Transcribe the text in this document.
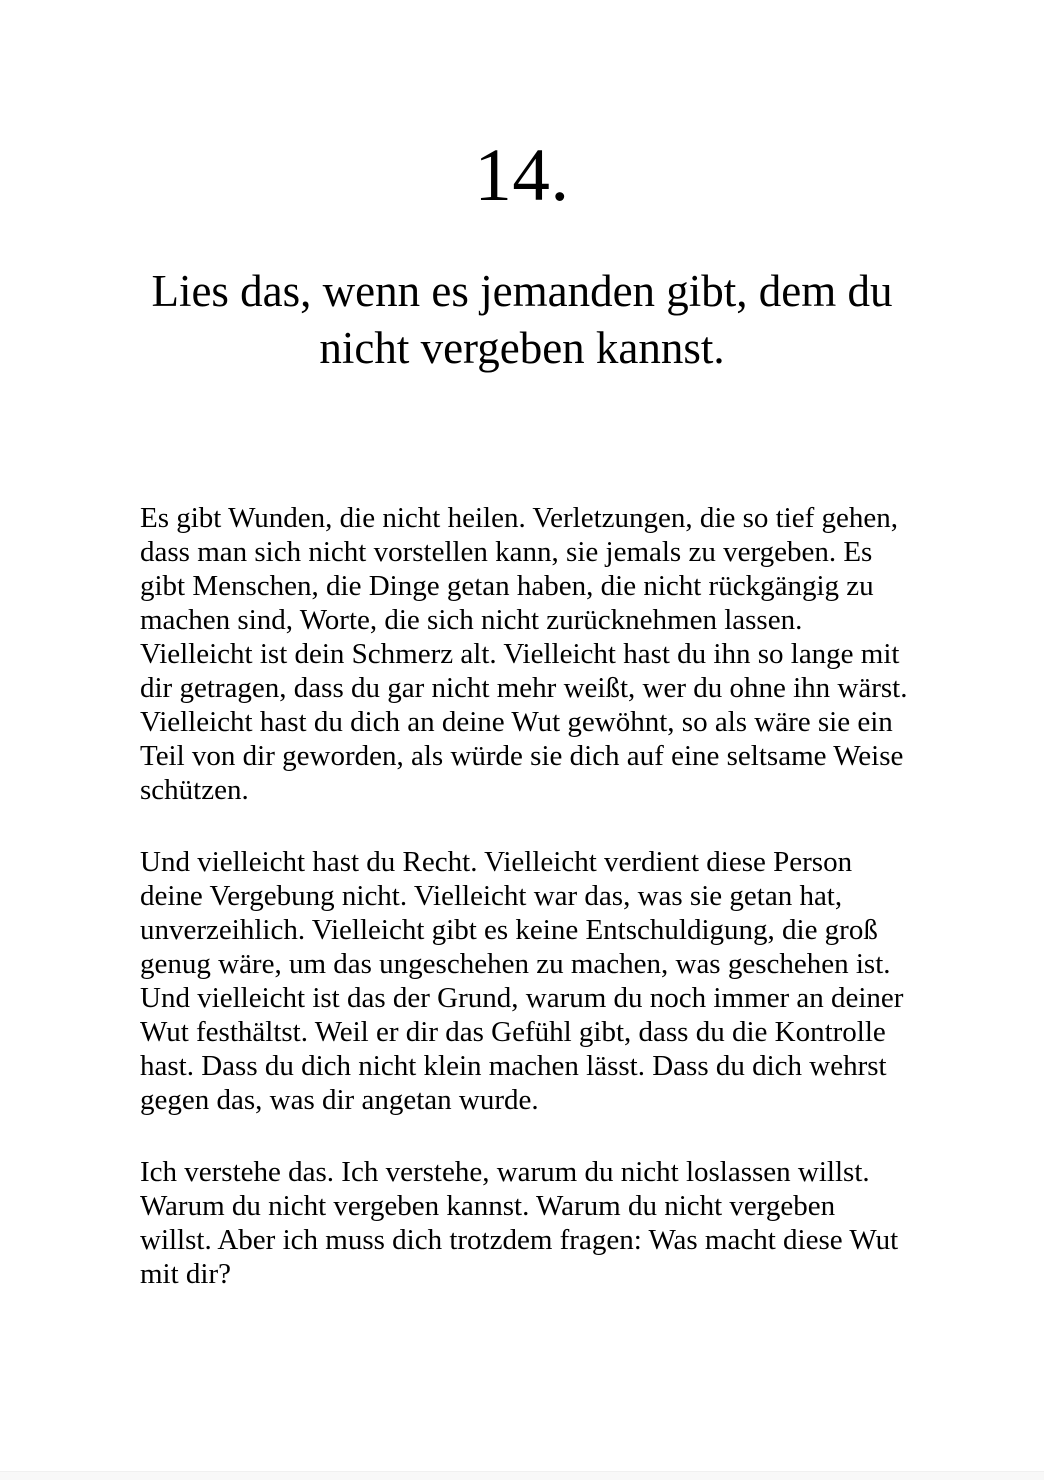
14.
Lies das, wenn es jemanden gibt, dem du nicht vergeben kannst.

Es gibt Wunden, die nicht heilen. Verletzungen, die so tief gehen, dass man sich nicht vorstellen kann, sie jemals zu vergeben. Es gibt Menschen, die Dinge getan haben, die nicht rückgängig zu machen sind, Worte, die sich nicht zurücknehmen lassen. Vielleicht ist dein Schmerz alt. Vielleicht hast du ihn so lange mit dir getragen, dass du gar nicht mehr weißt, wer du ohne ihn wärst. Vielleicht hast du dich an deine Wut gewöhnt, so als wäre sie ein Teil von dir geworden, als würde sie dich auf eine seltsame Weise schützen.

Und vielleicht hast du Recht. Vielleicht verdient diese Person deine Vergebung nicht. Vielleicht war das, was sie getan hat, unverzeihlich. Vielleicht gibt es keine Entschuldigung, die groß genug wäre, um das ungeschehen zu machen, was geschehen ist. Und vielleicht ist das der Grund, warum du noch immer an deiner Wut festhältst. Weil er dir das Gefühl gibt, dass du die Kontrolle hast. Dass du dich nicht klein machen lässt. Dass du dich wehrst gegen das, was dir angetan wurde.

Ich verstehe das. Ich verstehe, warum du nicht loslassen willst. Warum du nicht vergeben kannst. Warum du nicht vergeben willst. Aber ich muss dich trotzdem fragen: Was macht diese Wut mit dir?
